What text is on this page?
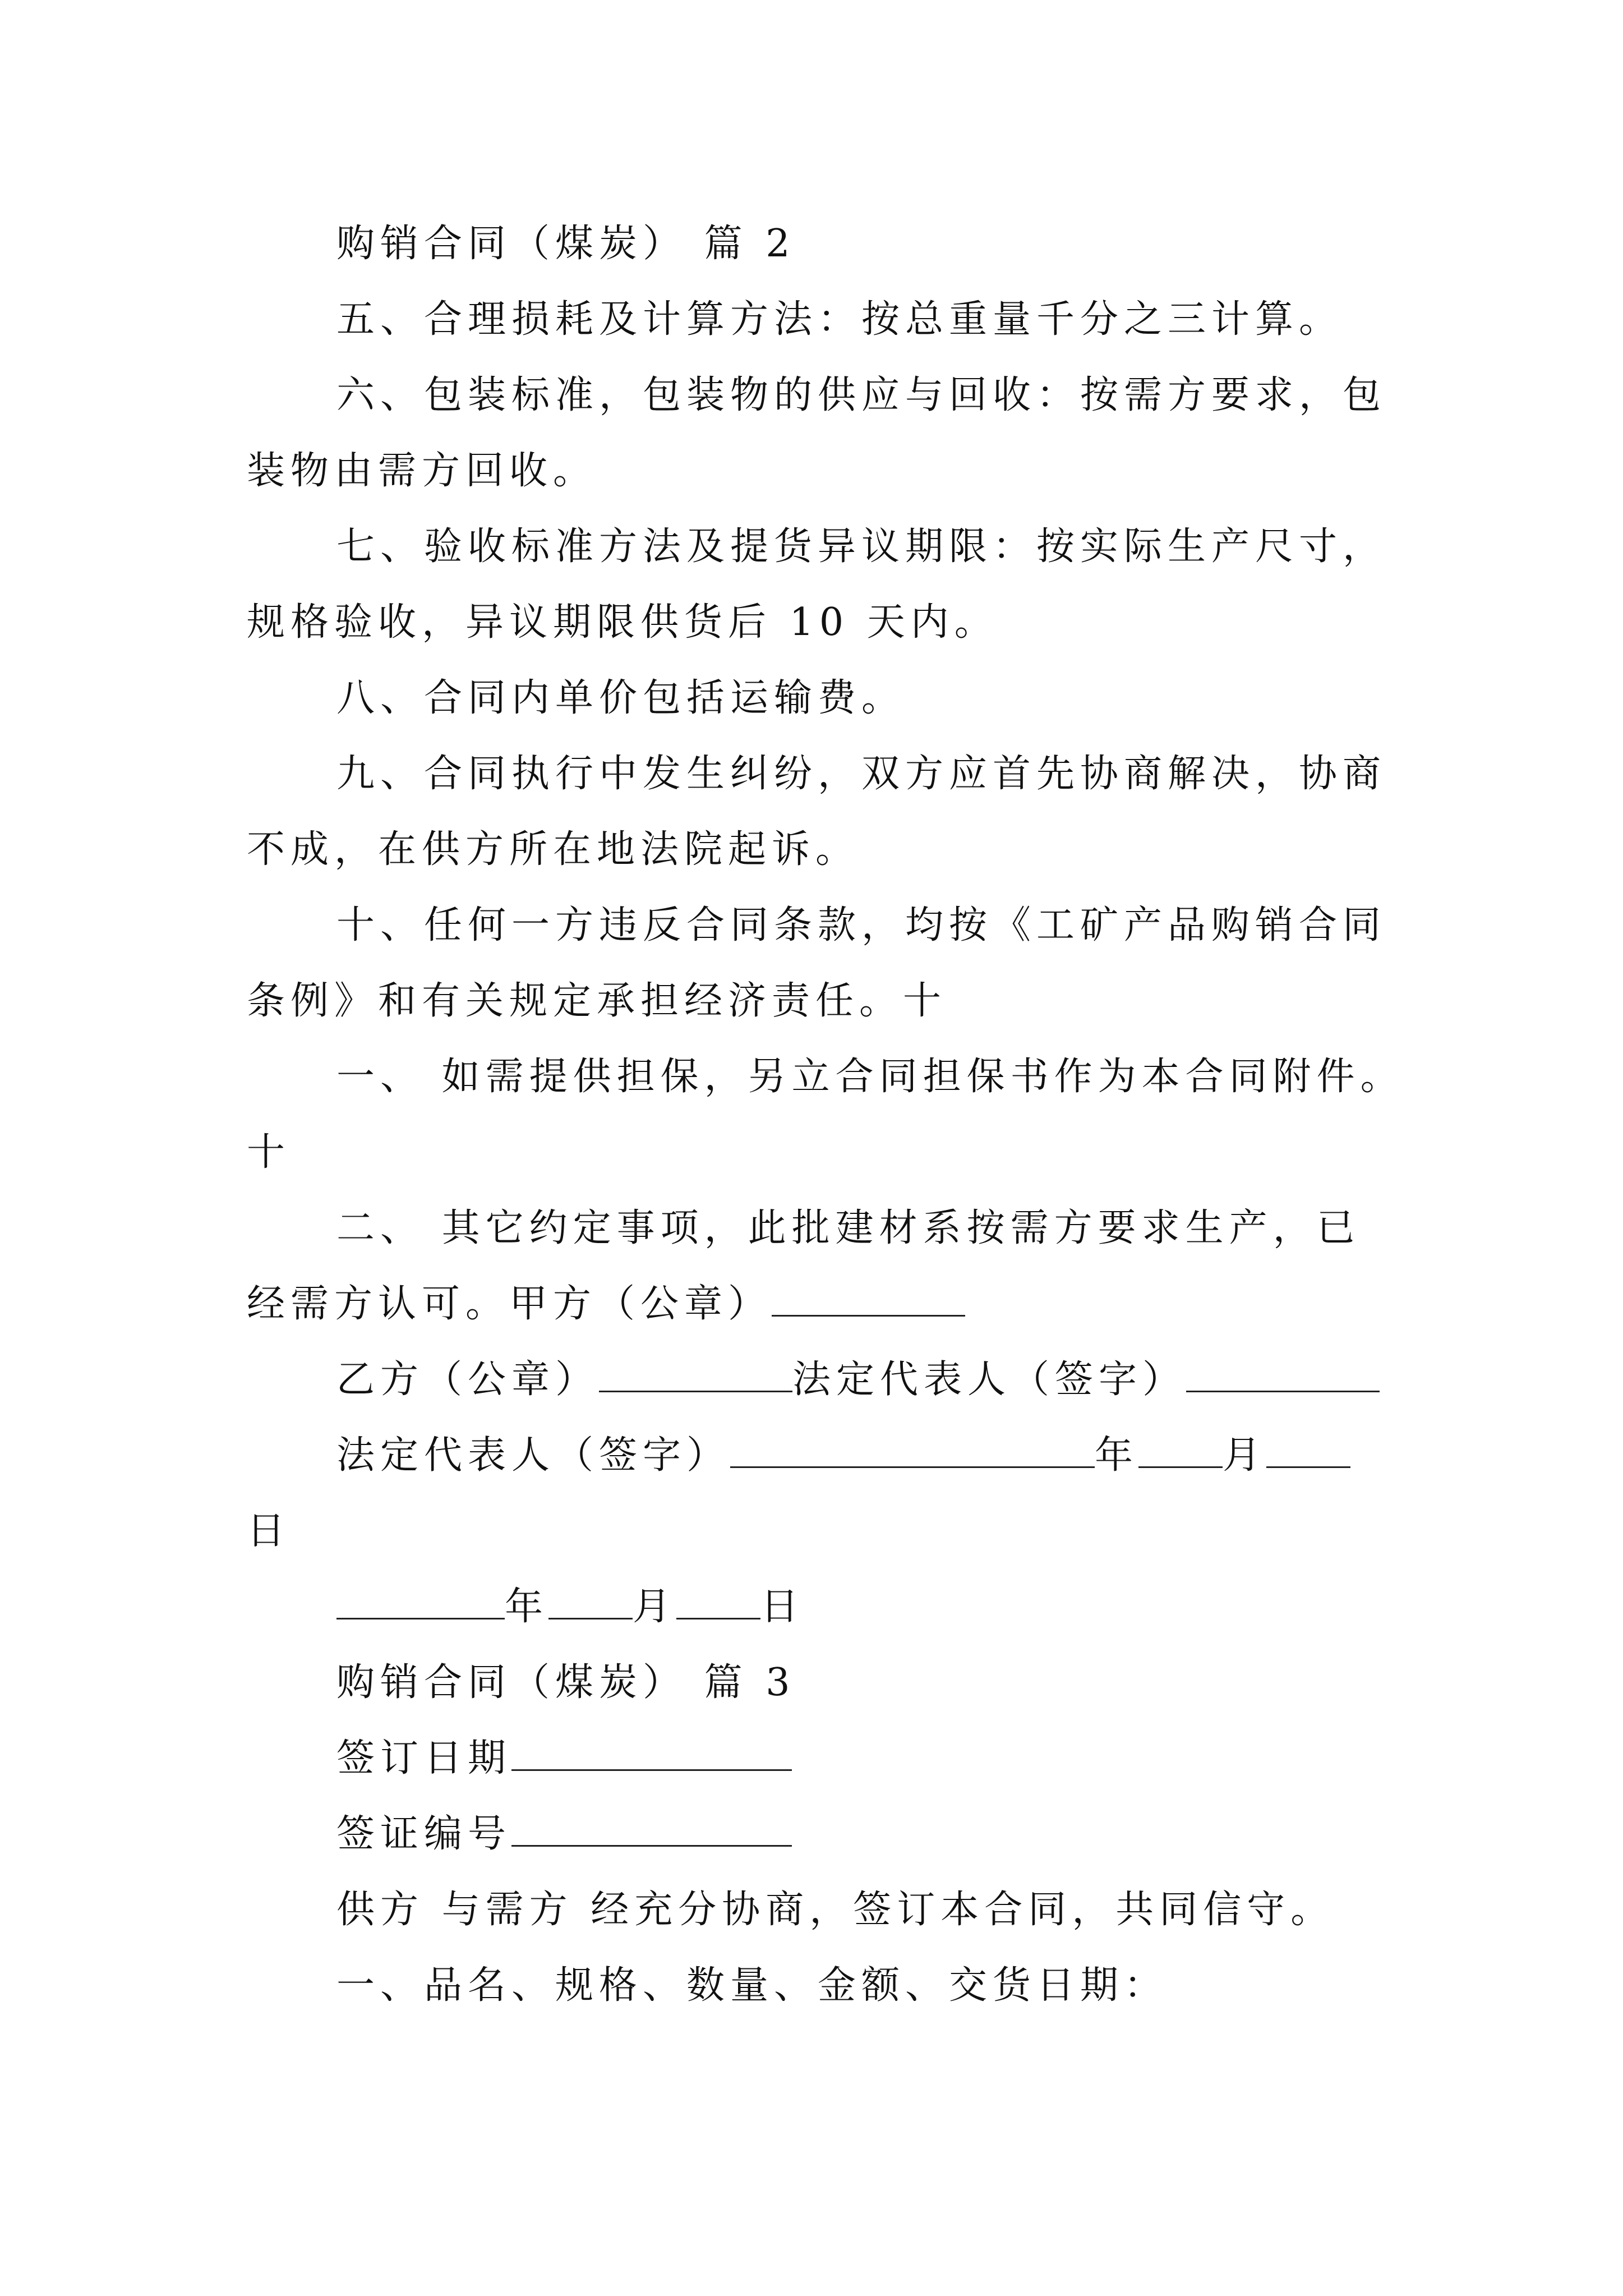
购销合同（煤炭） 篇 2
五、合理损耗及计算方法：按总重量千分之三计算。
六、包装标准，包装物的供应与回收：按需方要求，包
装物由需方回收。
七、验收标准方法及提货异议期限：按实际生产尺寸，
规格验收，异议期限供货后 10 天内。
八、合同内单价包括运输费。
九、合同执行中发生纠纷，双方应首先协商解决，协商
不成，在供方所在地法院起诉。
十、任何一方违反合同条款，均按《工矿产品购销合同
条例》和有关规定承担经济责任。十
一、 如需提供担保，另立合同担保书作为本合同附件。
十
二、 其它约定事项，此批建材系按需方要求生产，已
经需方认可。甲方（公章）
乙方（公章）	法定代表人（签字）
法定代表人（签字）	年 月
日
年 月 日
购销合同（煤炭） 篇 3
签订日期
签证编号
供方 与需方 经充分协商，签订本合同，共同信守。
一、品名、规格、数量、金额、交货日期：
